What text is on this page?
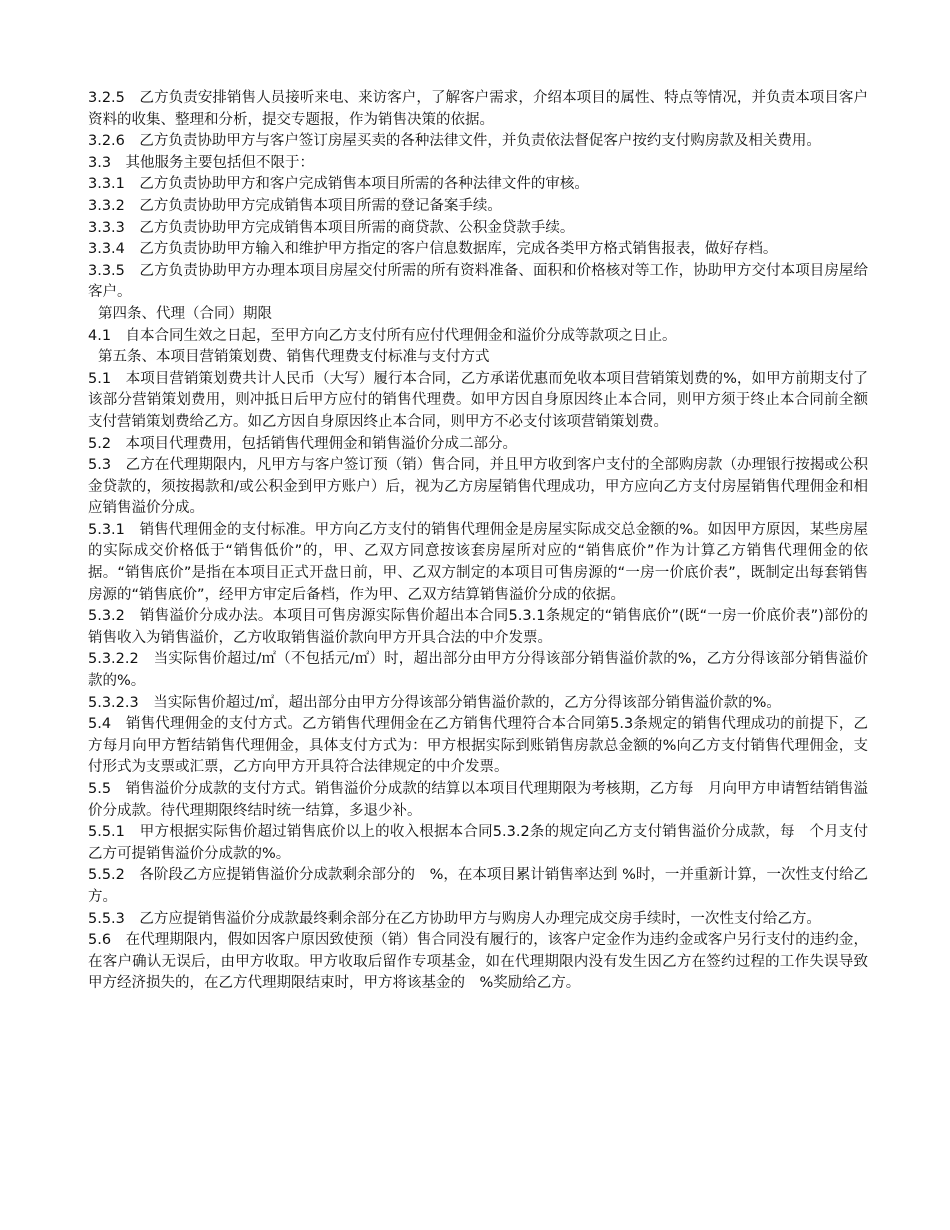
3.2.5　乙方负责安排销售人员接听来电、来访客户，了解客户需求，介绍本项目的属性、特点等情况，并负责本项目客户资料的收集、整理和分析，提交专题报，作为销售决策的依据。

3.2.6　乙方负责协助甲方与客户签订房屋买卖的各种法律文件，并负责依法督促客户按约支付购房款及相关费用。

3.3　其他服务主要包括但不限于：

3.3.1　乙方负责协助甲方和客户完成销售本项目所需的各种法律文件的审核。

3.3.2　乙方负责协助甲方完成销售本项目所需的登记备案手续。

3.3.3　乙方负责协助甲方完成销售本项目所需的商贷款、公积金贷款手续。

3.3.4　乙方负责协助甲方输入和维护甲方指定的客户信息数据库，完成各类甲方格式销售报表，做好存档。

3.3.5　乙方负责协助甲方办理本项目房屋交付所需的所有资料准备、面积和价格核对等工作，协助甲方交付本项目房屋给客户。

第四条、代理（合同）期限

4.1　自本合同生效之日起，至甲方向乙方支付所有应付代理佣金和溢价分成等款项之日止。

第五条、本项目营销策划费、销售代理费支付标准与支付方式

5.1　本项目营销策划费共计人民币（大写）履行本合同，乙方承诺优惠而免收本项目营销策划费的%，如甲方前期支付了该部分营销策划费用，则冲抵日后甲方应付的销售代理费。如甲方因自身原因终止本合同，则甲方须于终止本合同前全额支付营销策划费给乙方。如乙方因自身原因终止本合同，则甲方不必支付该项营销策划费。

5.2　本项目代理费用，包括销售代理佣金和销售溢价分成二部分。

5.3　乙方在代理期限内，凡甲方与客户签订预（销）售合同，并且甲方收到客户支付的全部购房款（办理银行按揭或公积金贷款的，须按揭款和/或公积金到甲方账户）后，视为乙方房屋销售代理成功，甲方应向乙方支付房屋销售代理佣金和相应销售溢价分成。

5.3.1　销售代理佣金的支付标准。甲方向乙方支付的销售代理佣金是房屋实际成交总金额的%。如因甲方原因，某些房屋的实际成交价格低于“销售低价”的，甲、乙双方同意按该套房屋所对应的“销售底价”作为计算乙方销售代理佣金的依据。“销售底价”是指在本项目正式开盘日前，甲、乙双方制定的本项目可售房源的“一房一价底价表”，既制定出每套销售房源的“销售底价”，经甲方审定后备档，作为甲、乙双方结算销售溢价分成的依据。

5.3.2　销售溢价分成办法。本项目可售房源实际售价超出本合同5.3.1条规定的“销售底价”(既“一房一价底价表”)部份的销售收入为销售溢价，乙方收取销售溢价款向甲方开具合法的中介发票。

5.3.2.2　当实际售价超过/㎡（不包括元/㎡）时，超出部分由甲方分得该部分销售溢价款的%，乙方分得该部分销售溢价款的%。

5.3.2.3　当实际售价超过/㎡，超出部分由甲方分得该部分销售溢价款的，乙方分得该部分销售溢价款的%。

5.4　销售代理佣金的支付方式。乙方销售代理佣金在乙方销售代理符合本合同第5.3条规定的销售代理成功的前提下，乙方每月向甲方暂结销售代理佣金，具体支付方式为：甲方根据实际到账销售房款总金额的%向乙方支付销售代理佣金，支付形式为支票或汇票，乙方向甲方开具符合法律规定的中介发票。

5.5　销售溢价分成款的支付方式。销售溢价分成款的结算以本项目代理期限为考核期，乙方每　月向甲方申请暂结销售溢价分成款。待代理期限终结时统一结算，多退少补。

5.5.1　甲方根据实际售价超过销售底价以上的收入根据本合同5.3.2条的规定向乙方支付销售溢价分成款，每　个月支付乙方可提销售溢价分成款的%。

5.5.2　各阶段乙方应提销售溢价分成款剩余部分的　%，在本项目累计销售率达到 %时，一并重新计算，一次性支付给乙方。

5.5.3　乙方应提销售溢价分成款最终剩余部分在乙方协助甲方与购房人办理完成交房手续时，一次性支付给乙方。

5.6　在代理期限内，假如因客户原因致使预（销）售合同没有履行的，该客户定金作为违约金或客户另行支付的违约金，在客户确认无误后，由甲方收取。甲方收取后留作专项基金，如在代理期限内没有发生因乙方在签约过程的工作失误导致甲方经济损失的，在乙方代理期限结束时，甲方将该基金的　%奖励给乙方。
